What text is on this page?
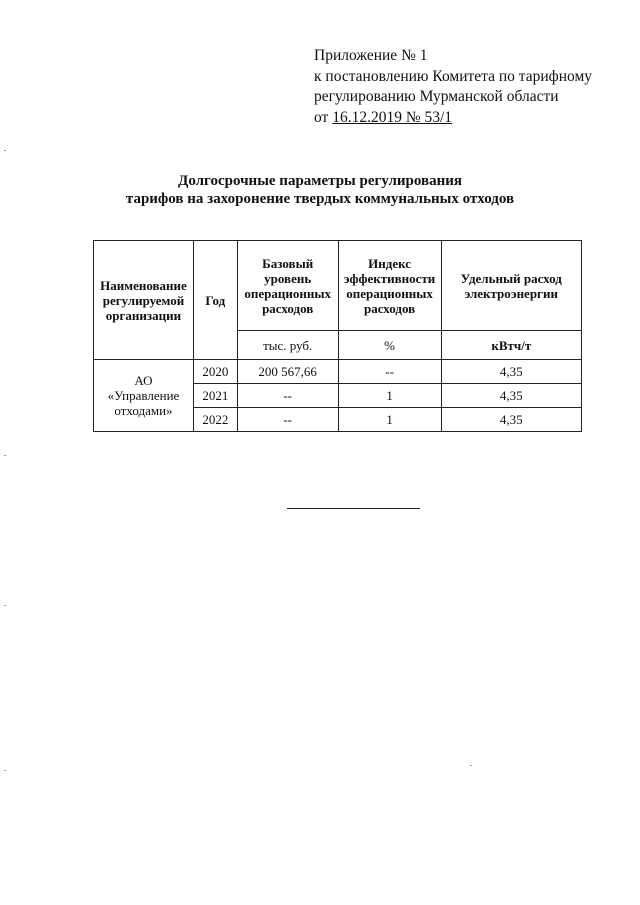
Приложение № 1
к постановлению Комитета по тарифному
регулированию Мурманской области
от 16.12.2019 № 53/1
Долгосрочные параметры регулирования
тарифов на захоронение твердых коммунальных отходов
Наименование регулируемой организации	Год	Базовый уровень операционных расходов	Индекс эффективности операционных расходов	Удельный расход электроэнергии
		тыс. руб.	%	кВтч/т
АО «Управление отходами»	2020	200 567,66	--	4,35
	2021	--	1	4,35
	2022	--	1	4,35
